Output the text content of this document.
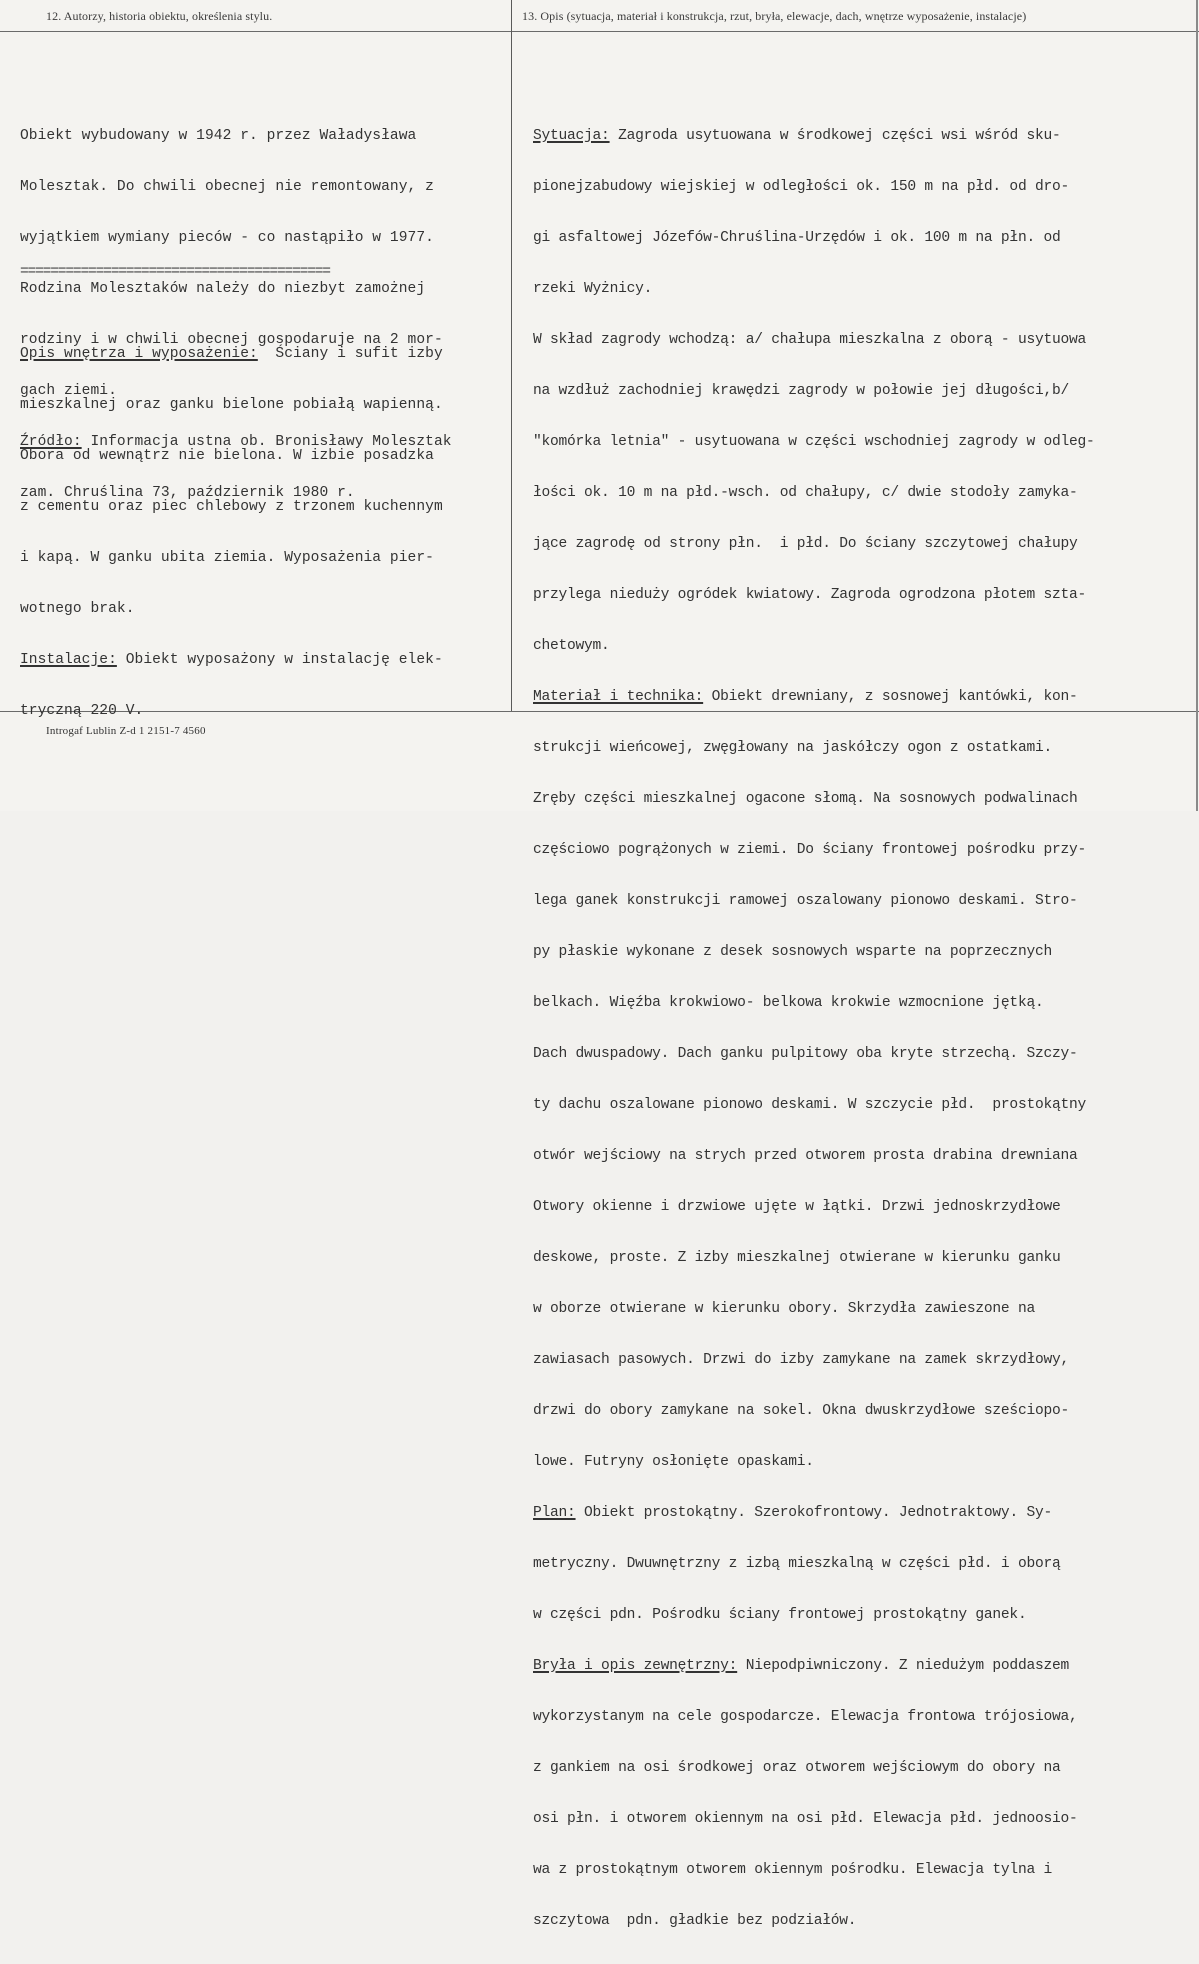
12. Autorzy, historia obiektu, określenia stylu.	13. Opis (sytuacja, materiał i konstrukcja, rzut, bryła, elewacje, dach, wnętrze wyposażenie, instalacje)

Obiekt wybudowany w 1942 r. przez Waładysława

Molesztak. Do chwili obecnej nie remontowany, z

wyjątkiem wymiany pieców - co nastąpiło w 1977.

Rodzina Molesztaków należy do niezbyt zamożnej

rodziny i w chwili obecnej gospodaruje na 2 mor-

gach ziemi.

Źródło: Informacja ustna ob. Bronisławy Molesztak

zam. Chruślina 73, październik 1980 r.

=========================================

Opis wnętrza i wyposażenie:  Ściany i sufit izby

mieszkalnej oraz ganku bielone pobiałą wapienną.

Obora od wewnątrz nie bielona. W izbie posadzka

z cementu oraz piec chlebowy z trzonem kuchennym

i kapą. W ganku ubita ziemia. Wyposażenia pier-

wotnego brak.

Instalacje: Obiekt wyposażony w instalację elek-

tryczną 220 V.

Sytuacja: Zagroda usytuowana w środkowej części wsi wśród sku-

pionejzabudowy wiejskiej w odległości ok. 150 m na płd. od dro-

gi asfaltowej Józefów-Chruślina-Urzędów i ok. 100 m na płn. od

rzeki Wyżnicy.

W skład zagrody wchodzą: a/ chałupa mieszkalna z oborą - usytuowa

na wzdłuż zachodniej krawędzi zagrody w połowie jej długości,b/

"komórka letnia" - usytuowana w części wschodniej zagrody w odleg-

łości ok. 10 m na płd.-wsch. od chałupy, c/ dwie stodoły zamyka-

jące zagrodę od strony płn.  i płd. Do ściany szczytowej chałupy

przylega niedużу ogródek kwiatowy. Zagroda ogrodzona płotem szta-

chetowym.

Materiał i technika: Obiekt drewniany, z sosnowej kantówki, kon-

strukcji wieńcowej, zwęgłowany na jaskółczy ogon z ostatkami.

Zręby części mieszkalnej ogacone słomą. Na sosnowych podwalinach

częściowo pogrążonych w ziemi. Do ściany frontowej pośrodku przy-

lega ganek konstrukcji ramowej oszalowany pionowo deskami. Stro-

py płaskie wykonane z desek sosnowych wsparte na poprzecznych

belkach. Więźba krokwiowo- belkowa krokwie wzmocnione jętką.

Dach dwuspadowy. Dach ganku pulpitowy oba kryte strzechą. Szczy-

ty dachu oszalowane pionowo deskami. W szczycie płd.  prostokątny

otwór wejściowy na strych przed otworem prosta drabina drewniana

Otwory okienne i drzwiowe ujęte w łątki. Drzwi jednoskrzydłowe

deskowe, proste. Z izby mieszkalnej otwierane w kierunku ganku

w oborze otwierane w kierunku obory. Skrzydła zawieszone na

zawiasach pasowych. Drzwi do izby zamykane na zamek skrzydłowy,

drzwi do obory zamykane na sokel. Okna dwuskrzydłowe sześciopo-

lowe. Futryny osłonięte opaskami.

Plan: Obiekt prostokątny. Szerokofrontowy. Jednotraktowy. Sy-

metryczny. Dwuwnętrzny z izbą mieszkalną w części płd. i oborą

w części pdn. Pośrodku ściany frontowej prostokątny ganek.

Bryła i opis zewnętrzny: Niepodpiwniczony. Z niedużym poddaszem

wykorzystanym na cele gospodarcze. Elewacja frontowa trójosiowa,

z gankiem na osi środkowej oraz otworem wejściowym do obory na

osi płn. i otworem okiennym na osi płd. Elewacja płd. jednoosio-

wa z prostokątnym otworem okiennym pośrodku. Elewacja tylna i

szczytowa  pdn. gładkie bez podziałów.

Introgaf Lublin Z-d 1 2151-7 4560
